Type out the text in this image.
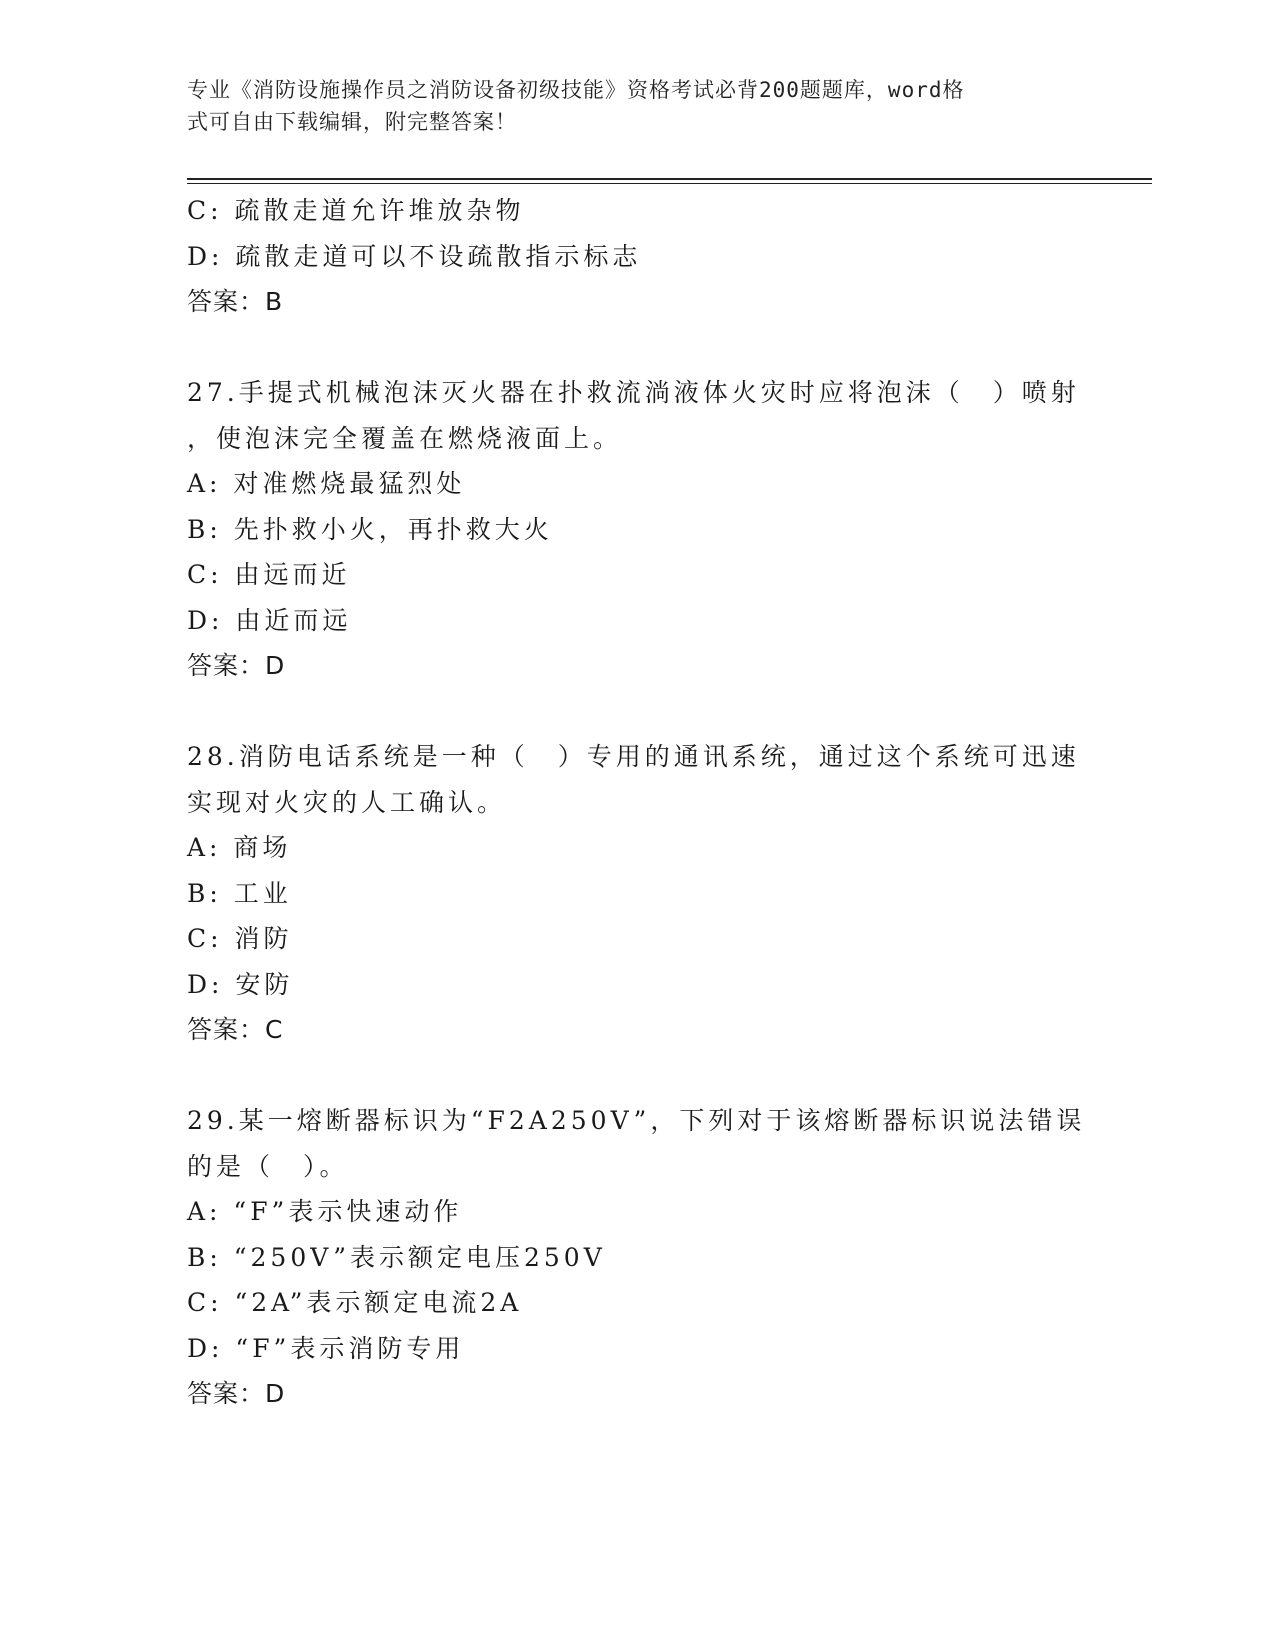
专业《消防设施操作员之消防设备初级技能》资格考试必背200题题库，word格
式可自由下载编辑，附完整答案！
C: 疏散走道允许堆放杂物
D: 疏散走道可以不设疏散指示标志
答案：B
27.手提式机械泡沫灭火器在扑救流淌液体火灾时应将泡沫（　）喷射
，使泡沫完全覆盖在燃烧液面上。
A: 对准燃烧最猛烈处
B: 先扑救小火，再扑救大火
C: 由远而近
D: 由近而远
答案：D
28.消防电话系统是一种（　）专用的通讯系统，通过这个系统可迅速
实现对火灾的人工确认。
A: 商场
B: 工业
C: 消防
D: 安防
答案：C
29.某一熔断器标识为“F2A250V”，下列对于该熔断器标识说法错误
的是（　）。
A: “F”表示快速动作
B: “250V”表示额定电压250V
C: “2A”表示额定电流2A
D: “F”表示消防专用
答案：D
